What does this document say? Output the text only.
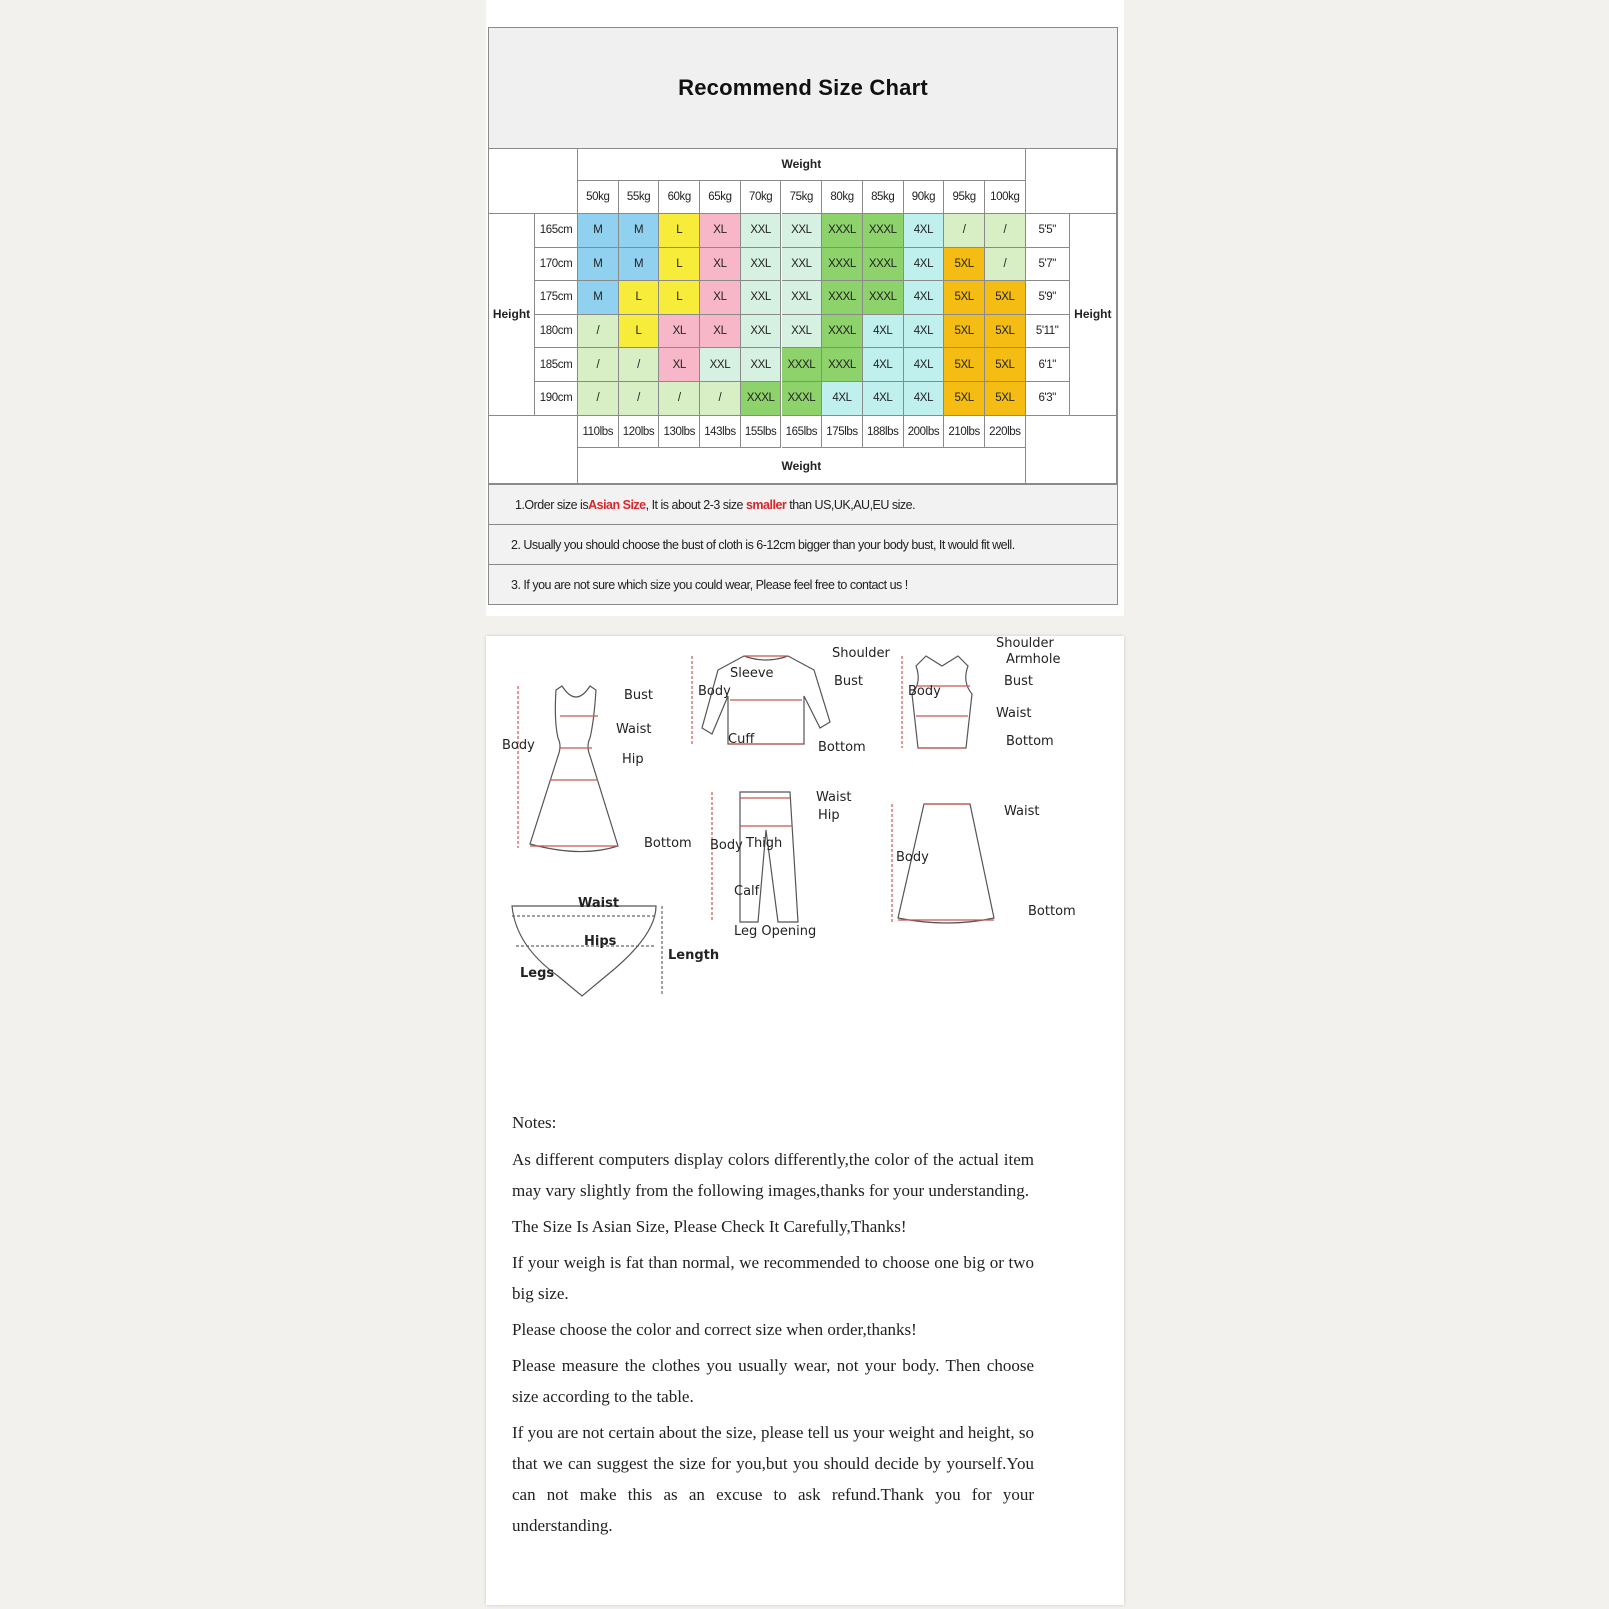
Recommend Size Chart
Weight
50kg	55kg	60kg	65kg	70kg	75kg	80kg	85kg	90kg	95kg	100kg
Height	Height
165cm	M	M	L	XL	XXL	XXL	XXXL	XXXL	4XL	/	/	5'5"
170cm	M	M	L	XL	XXL	XXL	XXXL	XXXL	4XL	5XL	/	5'7"
175cm	M	L	L	XL	XXL	XXL	XXXL	XXXL	4XL	5XL	5XL	5'9"
180cm	/	L	XL	XL	XXL	XXL	XXXL	4XL	4XL	5XL	5XL	5'11"
185cm	/	/	XL	XXL	XXL	XXXL	XXXL	4XL	4XL	5XL	5XL	6'1"
190cm	/	/	/	/	XXXL	XXXL	4XL	4XL	4XL	5XL	5XL	6'3"
110lbs 120lbs 130lbs 143lbs 155lbs 165lbs 175lbs 188lbs 200lbs 210lbs 220lbs
Weight
1.Order size is Asian Size , It is about 2-3 size smaller than US,UK,AU,EU size.
2. Usually you should choose the bust of cloth is 6-12cm bigger than your body bust, It would fit well.
3. If you are not sure which size you could wear, Please feel free to contact us !
Body
Bust
Waist
Hip
Bottom
Shoulder
Sleeve
Body
Bust
Cuff
Bottom
Shoulder
Armhole
Body
Bust
Waist
Bottom
Waist
Hip
Body Thigh
Calf
Leg Opening
Waist
Body
Bottom
Waist
Hips
Legs
Length

Notes:

As different computers display colors differently,the color of the actual item may vary slightly from the following images,thanks for your understanding.

The Size Is Asian Size, Please Check It Carefully,Thanks!

If your weigh is fat than normal, we recommended to choose one big or two big size.

Please choose the color and correct size when order,thanks!

Please measure the clothes you usually wear, not your body. Then choose size according to the table.

If you are not certain about the size, please tell us your weight and height, so that we can suggest the size for you,but you should decide by yourself.You can not make this as an excuse to ask refund.Thank you for your understanding.
